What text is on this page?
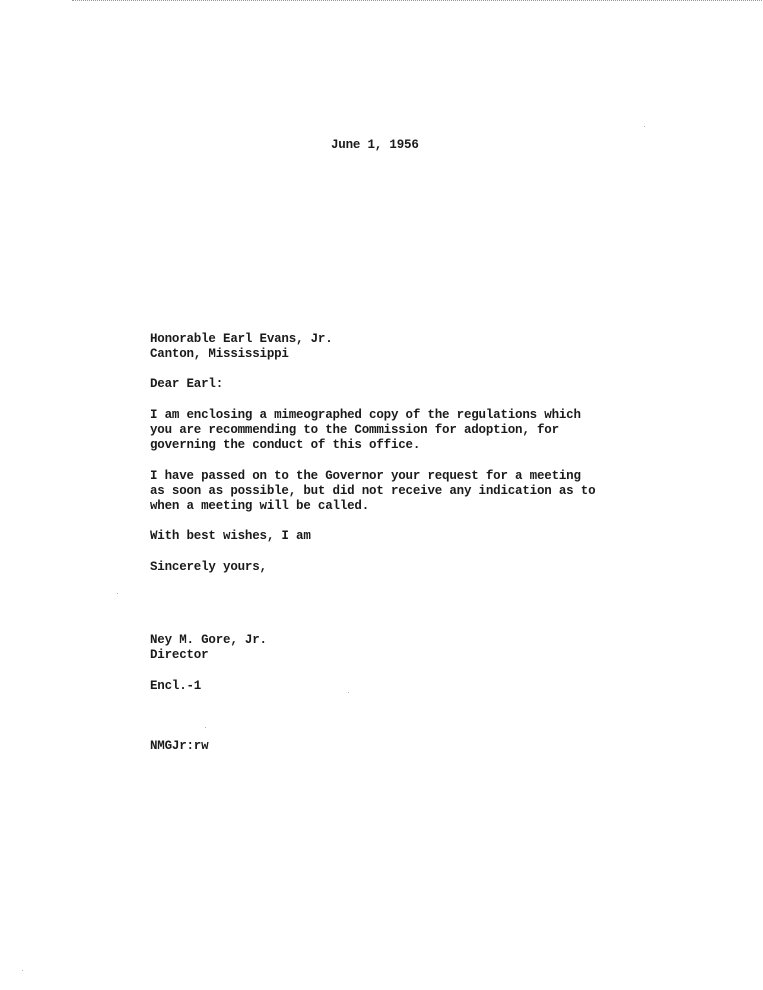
June 1, 1956
Honorable Earl Evans, Jr.
Canton, Mississippi
Dear Earl:
I am enclosing a mimeographed copy of the regulations which
you are recommending to the Commission for adoption, for
governing the conduct of this office.
I have passed on to the Governor your request for a meeting
as soon as possible, but did not receive any indication as to
when a meeting will be called.
With best wishes, I am
Sincerely yours,
Ney M. Gore, Jr.
Director
Encl.-1
NMGJr:rw
